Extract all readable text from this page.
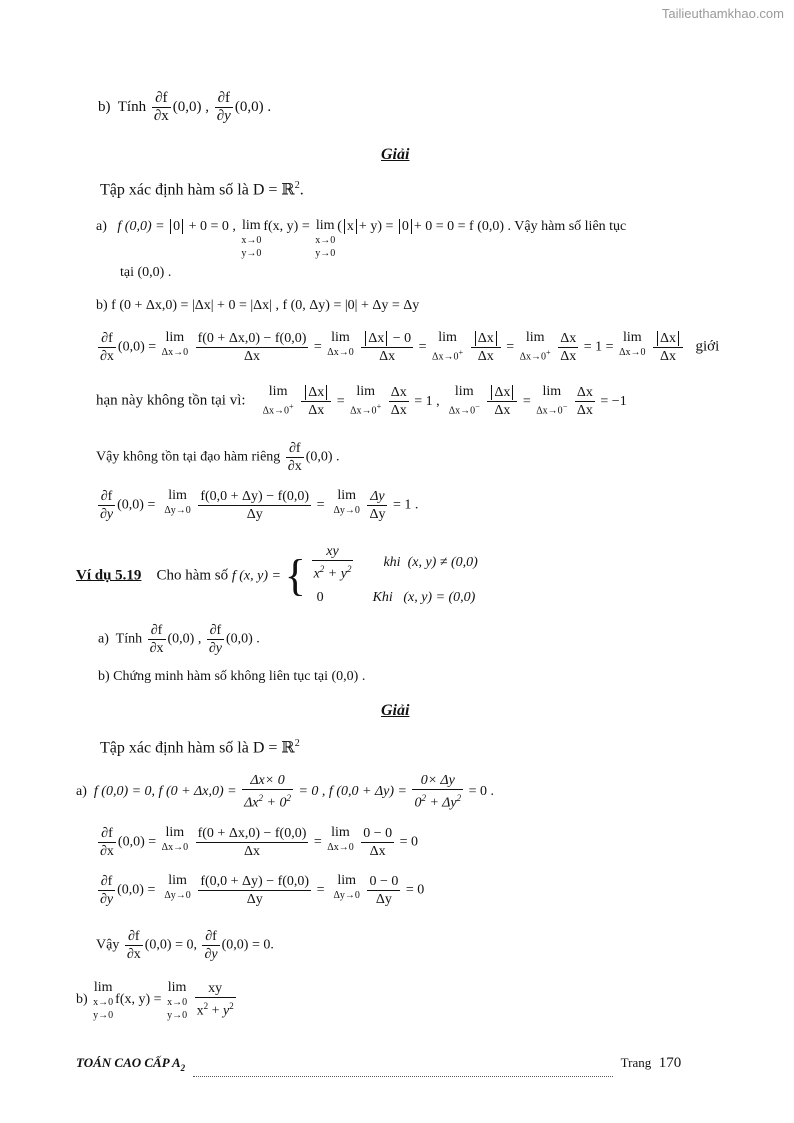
Tailieuthamkhao.com
b) Tính $\frac{\partial f}{\partial x} (0,0)$ , $\frac{\partial f}{\partial y} (0,0)$ .
Giải
Tập xác định hàm số là D = ℝ$^2$.
a) f (0,0) = 0 + 0 = 0 , lim
x→0
y→0
f(x, y) = lim
x→0
y→0
( x + y) = 0 + 0 = 0 = f (0,0) . Vậy hàm số liên tục
tại (0,0) .
b) f (0 + Δx,0) = |Δx| + 0 = |Δx| , f (0, Δy) = |0| + Δy = Δy
$\frac{\partial f}{\partial x} (0,0) = \lim$
Δx→0
$\frac{f(0 + \Delta x,0) - f(0,0)}{\Delta x} = \lim$
Δx→0
$\frac{\Delta x - 0}{\Delta x} = \lim$
Δx→0+
$\frac{\Delta x}{\Delta x} = \lim$
Δx→0+
$\frac{\Delta x}{\Delta x} = 1 = \lim$
Δx→0
$\frac{\Delta x}{\Delta x}$ giới
hạn này không tồn tại vì:    lim
Δx→0+
$\frac{\Delta x}{\Delta x} = \lim$
Δx→0+
$\frac{\Delta x}{\Delta x} = 1$ ,  lim
Δx→0−
$\frac{\Delta x}{\Delta x} = \lim$
Δx→0−
$\frac{\Delta x}{\Delta x} = -1$
Vậy không tồn tại đạo hàm riêng $\frac{\partial f}{\partial x} (0,0)$ .
$\frac{\partial f}{\partial y} (0,0) = \lim$
Δy→0
$\frac{f(0,0 + \Delta y) - f(0,0)}{\Delta y} = \lim$
Δy→0
$\frac{\Delta y}{\Delta y} = 1$ .
Ví dụ 5.19 Cho hàm số f (x, y) = { $\frac{xy}{x^2 + y^2}$ khi (x, y) ≠ (0,0)
0	Khi (x, y) = (0,0)
a) Tính $\frac{\partial f}{\partial x} (0,0)$ , $\frac{\partial f}{\partial y} (0,0)$ .
b) Chứng minh hàm số không liên tục tại (0,0) .
Giải
Tập xác định hàm số là D = ℝ$^2$
a) f (0,0) = 0, f $(0 + \Delta x,0) = \frac{\Delta x\times 0}{\Delta x^2 + 0^2} = 0$ , f $(0,0 + \Delta y) = \frac{0\times \Delta y}{0^2 + \Delta y^2} = 0$ .
$\frac{\partial f}{\partial x} (0,0) = \lim$
Δx→0
$\frac{f(0 + \Delta x,0) - f(0,0)}{\Delta x} = \lim$
Δx→0
$\frac{0 - 0}{\Delta x} = 0$
$\frac{\partial f}{\partial y} (0,0) = \lim$
Δy→0
$\frac{f(0,0 + \Delta y) - f(0,0)}{\Delta y} = \lim$
Δy→0
$\frac{0 - 0}{\Delta y} = 0$
Vậy $\frac{\partial f}{\partial x} (0,0) = 0$, $\frac{\partial f}{\partial y} (0,0) = 0$.
b) lim
x→0
y→0
f(x, y) = lim
x→0
y→0
$\frac{xy}{x^2 + y^2}$
TOÁN CAO CẤP $A_2$	Trang 170
